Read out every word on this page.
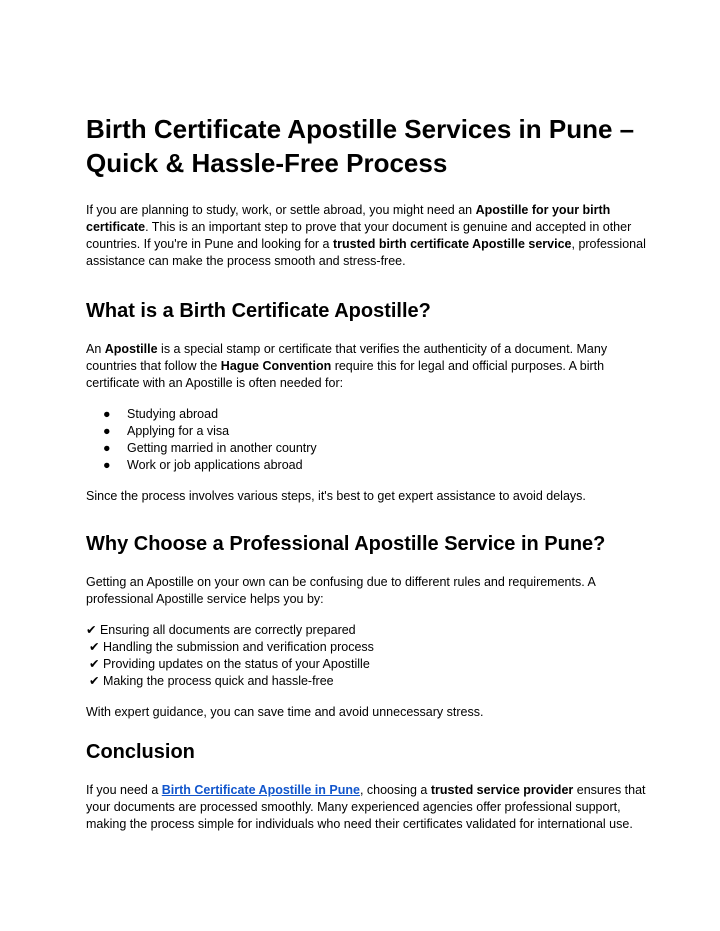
Birth Certificate Apostille Services in Pune – Quick & Hassle-Free Process

If you are planning to study, work, or settle abroad, you might need an Apostille for your birth certificate. This is an important step to prove that your document is genuine and accepted in other countries. If you're in Pune and looking for a trusted birth certificate Apostille service, professional assistance can make the process smooth and stress-free.

What is a Birth Certificate Apostille?

An Apostille is a special stamp or certificate that verifies the authenticity of a document. Many countries that follow the Hague Convention require this for legal and official purposes. A birth certificate with an Apostille is often needed for:

● Studying abroad
● Applying for a visa
● Getting married in another country
● Work or job applications abroad

Since the process involves various steps, it's best to get expert assistance to avoid delays.

Why Choose a Professional Apostille Service in Pune?

Getting an Apostille on your own can be confusing due to different rules and requirements. A professional Apostille service helps you by:

✔ Ensuring all documents are correctly prepared
✔ Handling the submission and verification process
✔ Providing updates on the status of your Apostille
✔ Making the process quick and hassle-free

With expert guidance, you can save time and avoid unnecessary stress.

Conclusion

If you need a Birth Certificate Apostille in Pune, choosing a trusted service provider ensures that your documents are processed smoothly. Many experienced agencies offer professional support, making the process simple for individuals who need their certificates validated for international use.
